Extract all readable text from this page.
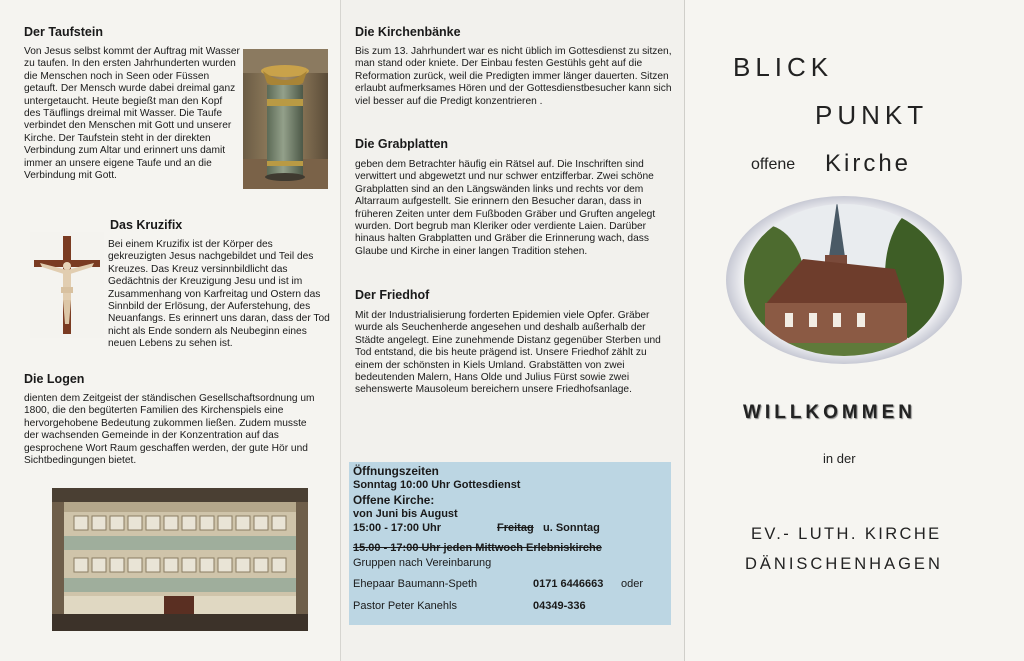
Der Taufstein

Von Jesus selbst kommt der Auftrag mit Wasser zu taufen. In den ersten Jahrhunderten wurden die Menschen noch in Seen oder Füssen getauft. Der Mensch wurde dabei dreimal ganz untergetaucht. Heute begießt man den Kopf des Täuflings dreimal mit Wasser. Die Taufe verbindet den Menschen mit Gott und unserer Kirche. Der Taufstein steht in der direkten Verbindung zum Altar und erinnert uns damit immer an unsere eigene Taufe und an die Verbindung mit Gott.

Das Kruzifix

Bei einem Kruzifix ist der Körper des gekreuzigten Jesus nachgebildet und Teil des Kreuzes. Das Kreuz versinnbildlicht das Gedächtnis der Kreuzigung Jesu und ist im Zusammenhang von Karfreitag und Ostern das Sinnbild der Erlösung, der Auferstehung, des Neuanfangs. Es erinnert uns daran, dass der Tod nicht als Ende sondern als Neubeginn eines neuen Lebens zu sehen ist.

Die Logen

dienten dem Zeitgeist der ständischen Gesellschaftsordnung um 1800, die den begüterten Familien des Kirchenspiels eine hervorgehobene Bedeutung zukommen ließen. Zudem musste der wachsenden Gemeinde in der Konzentration auf das gesprochene Wort Raum geschaffen werden, der gute Hör und Sichtbedingungen bietet.

Die Kirchenbänke

Bis zum 13. Jahrhundert war es nicht üblich im Gottesdienst zu sitzen, man stand oder kniete. Der Einbau festen Gestühls geht auf die Reformation zurück, weil die Predigten immer länger dauerten. Sitzen erlaubt aufmerksames Hören und der Gottesdienstbesucher kann sich viel besser auf die Predigt konzentrieren .

Die Grabplatten

geben dem Betrachter häufig ein Rätsel auf. Die Inschriften sind verwittert und abgewetzt und nur schwer entzifferbar. Zwei schöne Grabplatten sind an den Längswänden links und rechts vor dem Altarraum aufgestellt. Sie erinnern den Besucher daran, dass in früheren Zeiten unter dem Fußboden Gräber und Gruften angelegt wurden. Dort begrub man Kleriker oder verdiente Laien. Darüber hinaus halten Grabplatten und Gräber die Erinnerung wach, dass Glaube und Kirche in einer langen Tradition stehen.

Der Friedhof

Mit der Industrialisierung forderten Epidemien viele Opfer. Gräber wurde als Seuchenherde angesehen und deshalb außerhalb der Städte angelegt. Eine zunehmende Distanz gegenüber Sterben und Tod entstand, die bis heute prägend ist. Unsere Friedhof zählt zu einem der schönsten in Kiels Umland. Grabstätten von zwei bedeutenden Malern, Hans Olde und Julius Fürst sowie zwei sehenswerte Mausoleum bereichern unsere Friedhofsanlage.

Öffnungszeiten
Sonntag 10:00 Uhr Gottesdienst
Offene Kirche:
von Juni bis August
15:00 - 17:00 Uhr	Freitag u. Sonntag
15.00 - 17:00 Uhr jeden Mittwoch Erlebniskirche
Gruppen nach Vereinbarung
Ehepaar Baumann-Speth	0171 6446663 oder
Pastor Peter Kanehls	04349-336
BLICK
PUNKT
offene Kirche
WILLKOMMEN
in der
EV.- LUTH. KIRCHE
DÄNISCHENHAGEN
